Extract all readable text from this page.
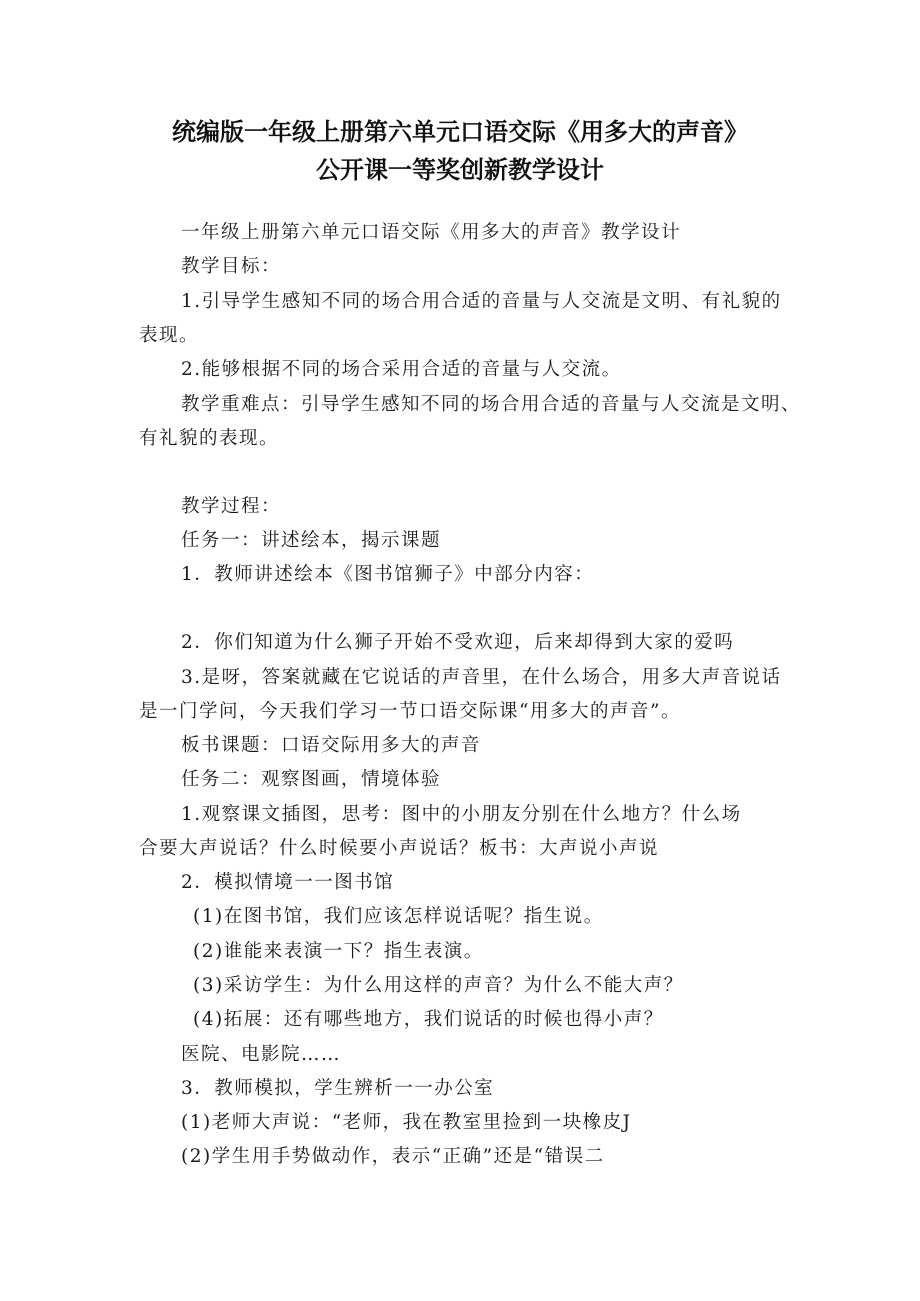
统编版一年级上册第六单元口语交际《用多大的声音》
公开课一等奖创新教学设计
一年级上册第六单元口语交际《用多大的声音》教学设计
教学目标：
1.引导学生感知不同的场合用合适的音量与人交流是文明、有礼貌的
表现。
2.能够根据不同的场合采用合适的音量与人交流。
教学重难点：引导学生感知不同的场合用合适的音量与人交流是文明、
有礼貌的表现。
教学过程：
任务一：讲述绘本，揭示课题
1．教师讲述绘本《图书馆狮子》中部分内容：
2．你们知道为什么狮子开始不受欢迎，后来却得到大家的爱吗
3.是呀，答案就藏在它说话的声音里，在什么场合，用多大声音说话
是一门学问，今天我们学习一节口语交际课“用多大的声音”。
板书课题：口语交际用多大的声音
任务二：观察图画，情境体验
1.观察课文插图，思考：图中的小朋友分别在什么地方？什么场
合要大声说话？什么时候要小声说话？板书：大声说小声说
2．模拟情境一一图书馆
(1)在图书馆，我们应该怎样说话呢？指生说。
(2)谁能来表演一下？指生表演。
(3)采访学生：为什么用这样的声音？为什么不能大声？
(4)拓展：还有哪些地方，我们说话的时候也得小声？
医院、电影院……
3．教师模拟，学生辨析一一办公室
(1)老师大声说：“老师，我在教室里捡到一块橡皮J
(2)学生用手势做动作，表示“正确”还是“错误二
